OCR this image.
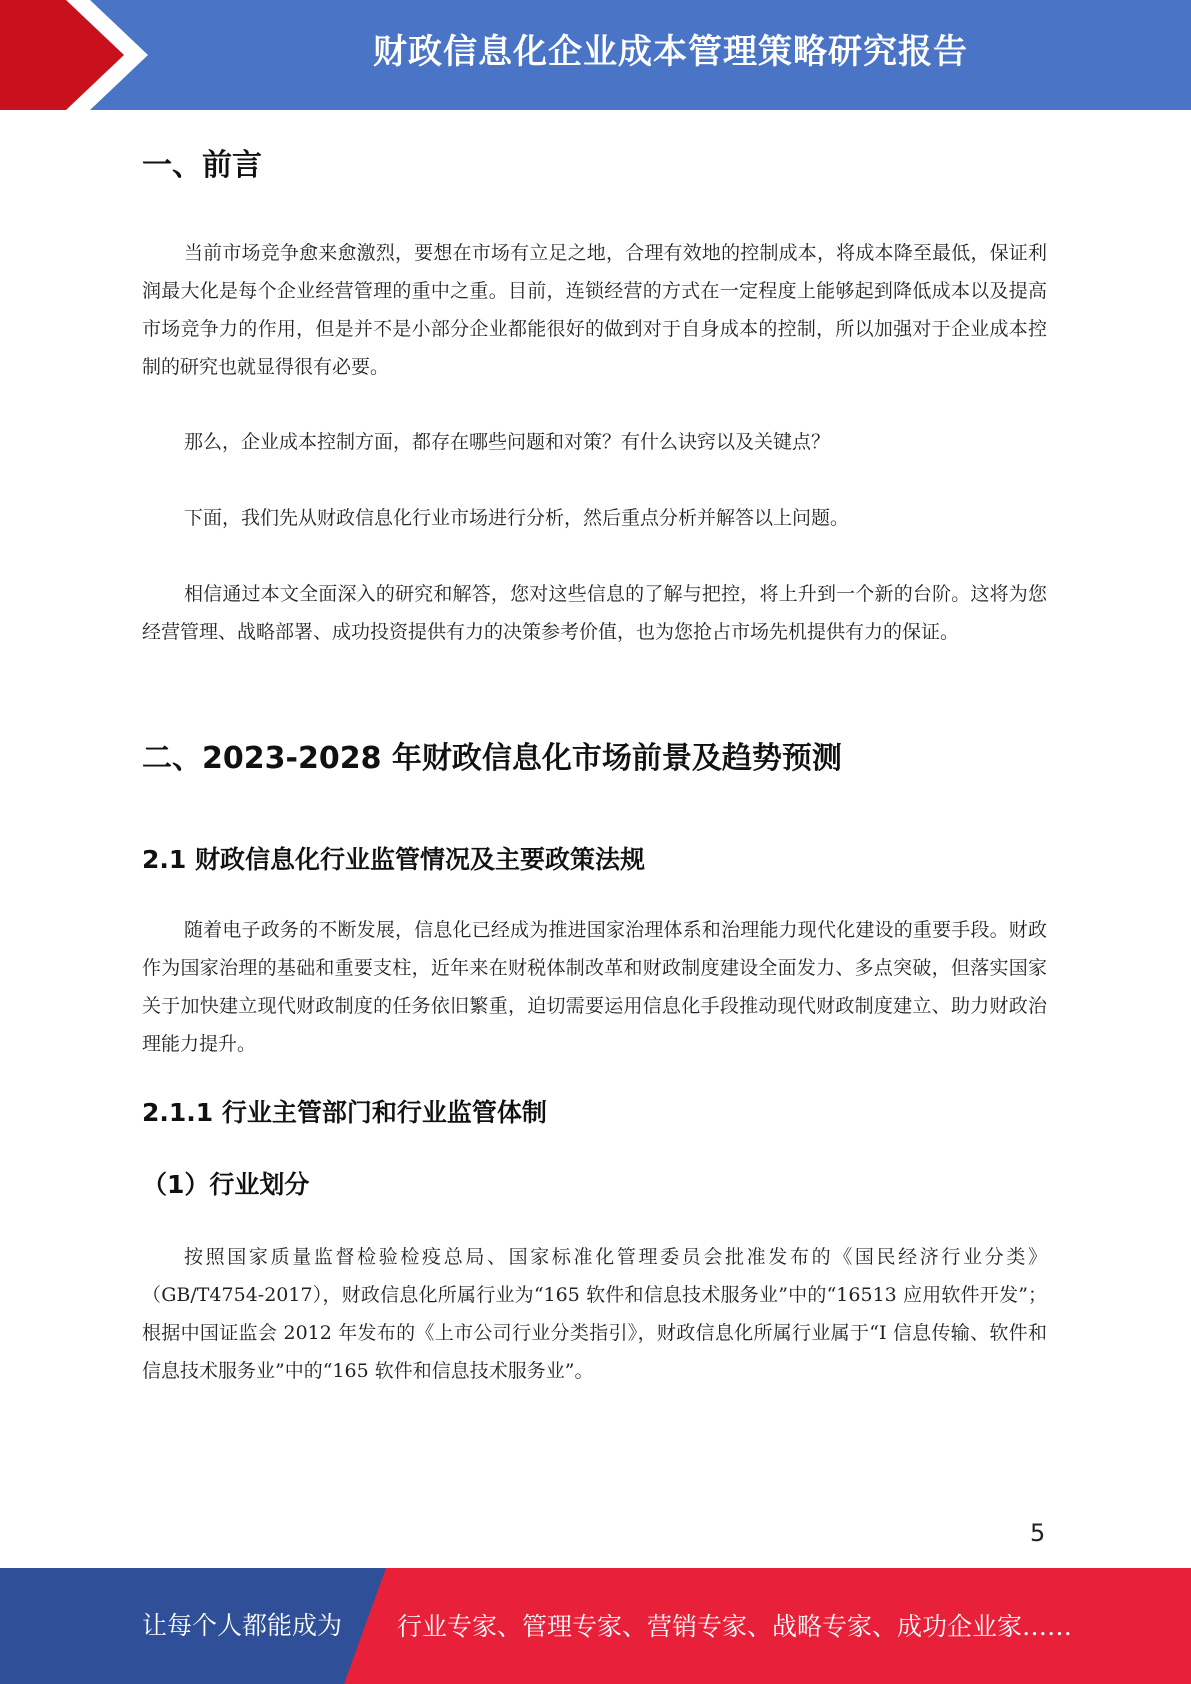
财政信息化企业成本管理策略研究报告
一、前言

当前市场竞争愈来愈激烈，要想在市场有立足之地，合理有效地的控制成本，将成本降至最低，保证利润最大化是每个企业经营管理的重中之重。目前，连锁经营的方式在一定程度上能够起到降低成本以及提高市场竞争力的作用，但是并不是小部分企业都能很好的做到对于自身成本的控制，所以加强对于企业成本控制的研究也就显得很有必要。

那么，企业成本控制方面，都存在哪些问题和对策？有什么诀窍以及关键点？

下面，我们先从财政信息化行业市场进行分析，然后重点分析并解答以上问题。

相信通过本文全面深入的研究和解答，您对这些信息的了解与把控，将上升到一个新的台阶。这将为您经营管理、战略部署、成功投资提供有力的决策参考价值，也为您抢占市场先机提供有力的保证。

二、2023-2028 年财政信息化市场前景及趋势预测
2.1 财政信息化行业监管情况及主要政策法规

随着电子政务的不断发展，信息化已经成为推进国家治理体系和治理能力现代化建设的重要手段。财政作为国家治理的基础和重要支柱，近年来在财税体制改革和财政制度建设全面发力、多点突破，但落实国家关于加快建立现代财政制度的任务依旧繁重，迫切需要运用信息化手段推动现代财政制度建立、助力财政治理能力提升。

2.1.1 行业主管部门和行业监管体制
（1）行业划分

按照国家质量监督检验检疫总局、国家标准化管理委员会批准发布的《国民经济行业分类》（GB/T4754-2017），财政信息化所属行业为“165 软件和信息技术服务业”中的“16513 应用软件开发”；根据中国证监会 2012 年发布的《上市公司行业分类指引》，财政信息化所属行业属于“I 信息传输、软件和信息技术服务业”中的“165 软件和信息技术服务业”。

5
让每个人都能成为 行业专家、管理专家、营销专家、战略专家、成功企业家……
